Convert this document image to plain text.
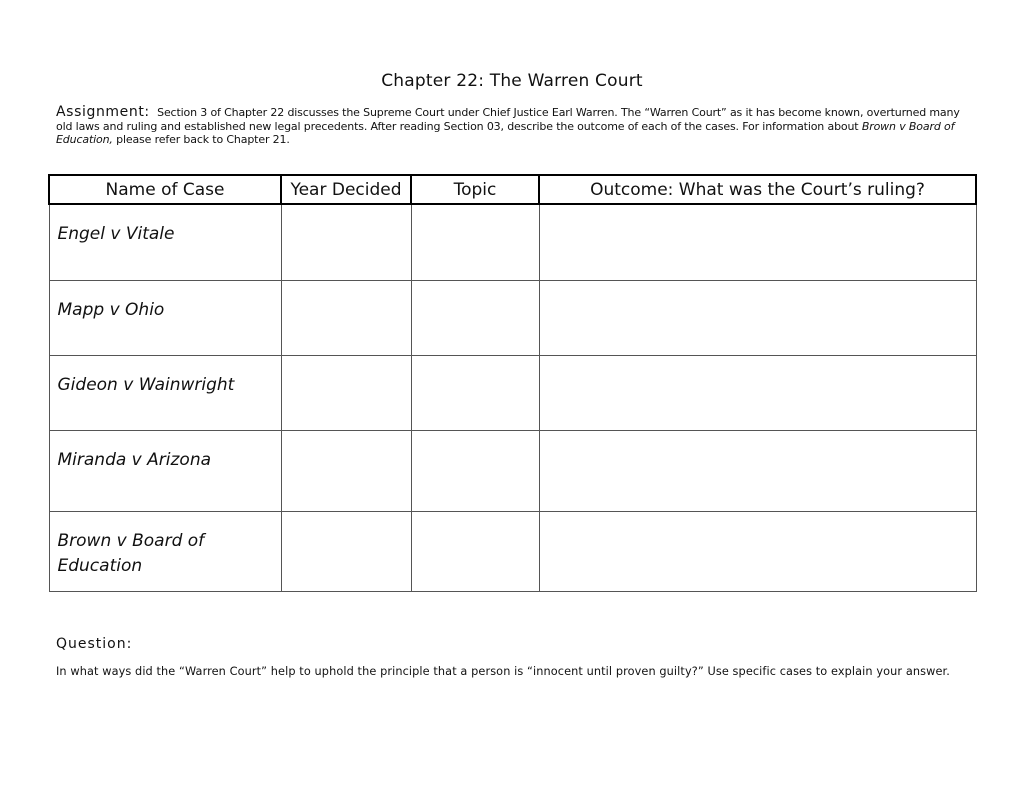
Chapter 22: The Warren Court
Assignment: Section 3 of Chapter 22 discusses the Supreme Court under Chief Justice Earl Warren. The “Warren Court” as it has become known, overturned many old laws and ruling and established new legal precedents. After reading Section 03, describe the outcome of each of the cases. For information about Brown v Board of Education, please refer back to Chapter 21.
Name of Case	Year Decided	Topic	Outcome: What was the Court’s ruling?
Engel v Vitale			
Mapp v Ohio			
Gideon v Wainwright			
Miranda v Arizona			
Brown v Board of Education			
Question:
In what ways did the “Warren Court” help to uphold the principle that a person is “innocent until proven guilty?” Use specific cases to explain your answer.
